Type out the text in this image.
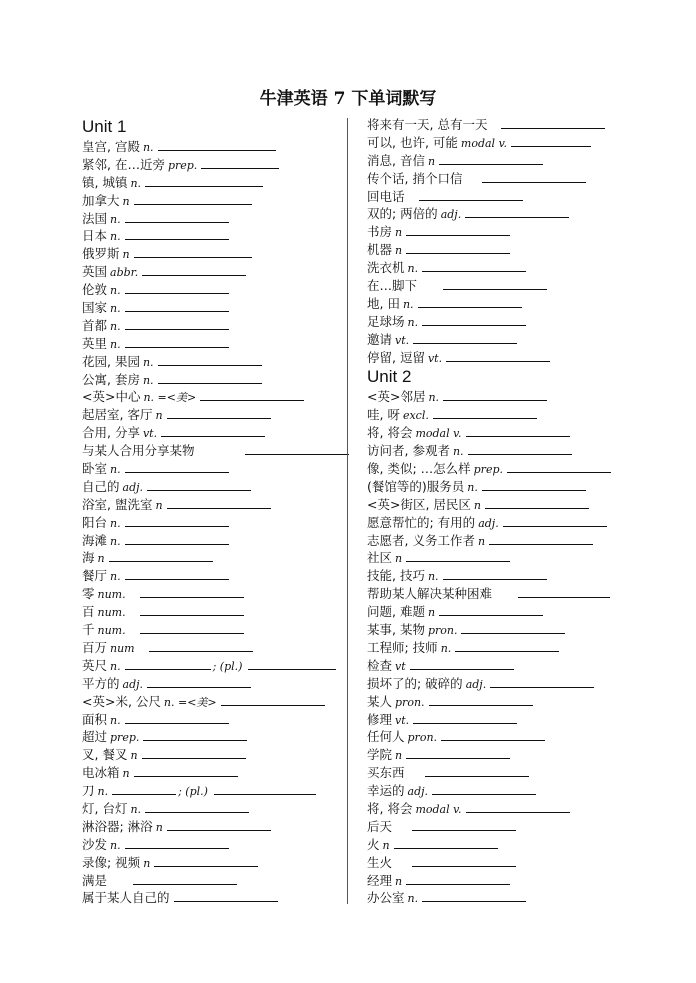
牛津英语 7 下单词默写
Unit 1
皇宫, 宫殿 n.
紧邻, 在…近旁 prep.
镇, 城镇 n.
加拿大 n
法国 n.
日本 n.
俄罗斯 n
英国 abbr.
伦敦 n.
国家 n.
首都 n.
英里 n.
花园, 果园 n.
公寓, 套房 n.
<英>中心 n. =<美>
起居室, 客厅 n
合用, 分享 vt.
与某人合用分享某物
卧室 n.
自己的 adj.
浴室, 盥洗室 n
阳台 n.
海滩 n.
海 n
餐厅 n.
零 num.
百 num.
千 num.
百万 num
英尺 n.	; (pl.)
平方的 adj.
<英>米, 公尺 n. =<美>
面积 n.
超过 prep.
叉, 餐叉 n
电冰箱 n
刀 n.	; (pl.)
灯, 台灯 n.
淋浴器; 淋浴 n
沙发 n.
录像; 视频 n
满是
属于某人自己的
将来有一天, 总有一天
可以, 也许, 可能 modal v.
消息, 音信 n
传个话, 捎个口信
回电话
双的; 两倍的 adj.
书房 n
机器 n
洗衣机 n.
在…脚下
地, 田 n.
足球场 n.
邀请 vt.
停留, 逗留 vt.
Unit 2
<英>邻居 n.
哇, 呀 excl.
将, 将会 modal v.
访问者, 参观者 n.
像, 类似; …怎么样 prep.
(餐馆等的)服务员 n.
<英>街区, 居民区 n
愿意帮忙的; 有用的 adj.
志愿者, 义务工作者 n
社区 n
技能, 技巧 n.
帮助某人解决某种困难
问题, 难题 n
某事, 某物 pron.
工程师; 技师 n.
检查 vt
损坏了的; 破碎的 adj.
某人 pron.
修理 vt.
任何人 pron.
学院 n
买东西
幸运的 adj.
将, 将会 modal v.
后天
火 n
生火
经理 n
办公室 n.
